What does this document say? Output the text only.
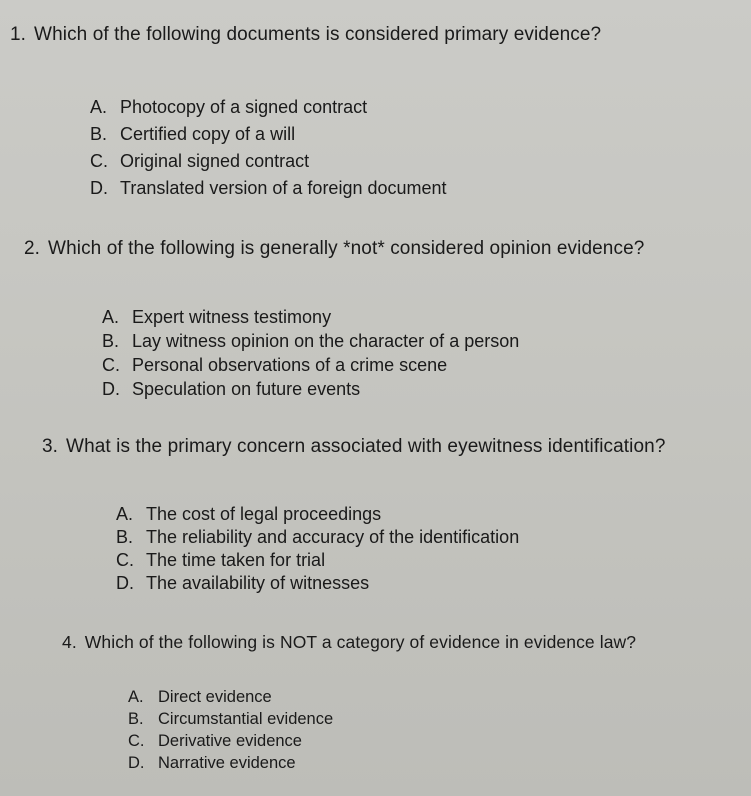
1. Which of the following documents is considered primary evidence?
A. Photocopy of a signed contract
B. Certified copy of a will
C. Original signed contract
D. Translated version of a foreign document
2. Which of the following is generally *not* considered opinion evidence?
A. Expert witness testimony
B. Lay witness opinion on the character of a person
C. Personal observations of a crime scene
D. Speculation on future events
3. What is the primary concern associated with eyewitness identification?
A. The cost of legal proceedings
B. The reliability and accuracy of the identification
C. The time taken for trial
D. The availability of witnesses
4. Which of the following is NOT a category of evidence in evidence law?
A. Direct evidence
B. Circumstantial evidence
C. Derivative evidence
D. Narrative evidence
